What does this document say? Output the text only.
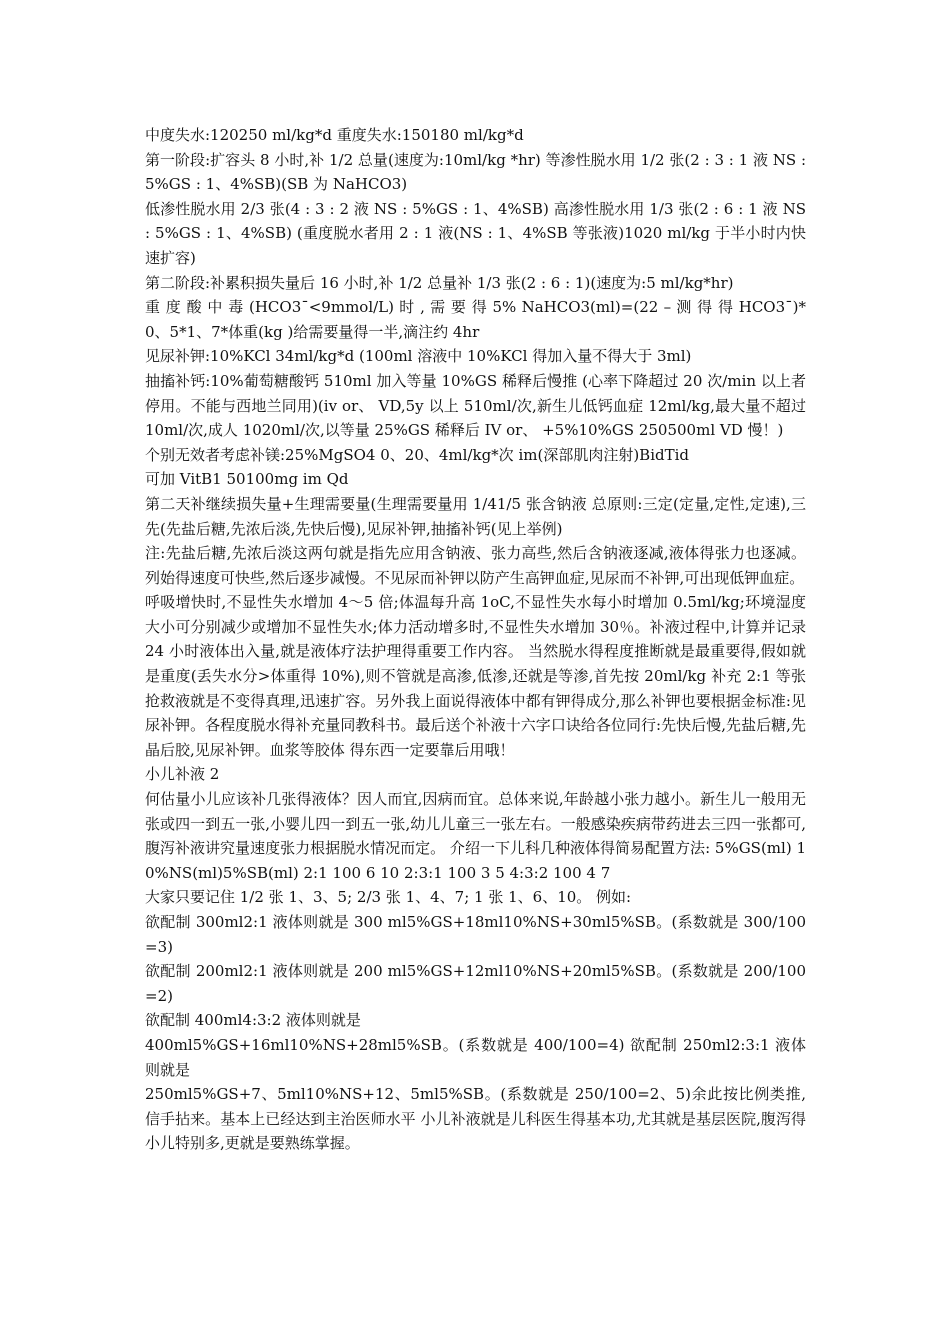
中度失水:120250 ml/kg*d 重度失水:150180 ml/kg*d

第一阶段:扩容头 8 小时,补 1/2 总量(速度为:10ml/kg *hr) 等渗性脱水用 1/2 张(2 : 3 : 1 液 NS : 5%GS : 1、4%SB)(SB 为 NaHCO3)

低渗性脱水用 2/3 张(4 : 3 : 2 液 NS : 5%GS : 1、4%SB) 高渗性脱水用 1/3 张(2 : 6 : 1 液 NS : 5%GS : 1、4%SB) (重度脱水者用 2 : 1 液(NS : 1、4%SB 等张液)1020 ml/kg 于半小时内快速扩容)

第二阶段:补累积损失量后 16 小时,补 1/2 总量补 1/3 张(2 : 6 : 1)(速度为:5 ml/kg*hr)

重 度 酸 中 毒 (HCO3ˉ<9mmol/L) 时 , 需 要 得 5% NaHCO3(ml)=(22 – 测 得 得 HCO3ˉ)* 0、5*1、7*体重(kg )给需要量得一半,滴注约 4hr

见尿补钾:10%KCl 34ml/kg*d (100ml 溶液中 10%KCl 得加入量不得大于 3ml)

抽搐补钙:10%葡萄糖酸钙 510ml 加入等量 10%GS 稀释后慢推 (心率下降超过 20 次/min 以上者停用。不能与西地兰同用)(iv or、 VD,5y 以上 510ml/次,新生儿低钙血症 12ml/kg,最大量不超过 10ml/次,成人 1020ml/次,以等量 25%GS 稀释后 IV or、 +5%10%GS 250500ml VD 慢！)

个别无效者考虑补镁:25%MgSO4 0、20、4ml/kg*次 im(深部肌肉注射)BidTid

可加 VitB1 50100mg im Qd

第二天补继续损失量+生理需要量(生理需要量用 1/41/5 张含钠液 总原则:三定(定量,定性,定速),三先(先盐后糖,先浓后淡,先快后慢),见尿补钾,抽搐补钙(见上举例)

注:先盐后糖,先浓后淡这两句就是指先应用含钠液、张力高些,然后含钠液逐减,液体得张力也逐减。列始得速度可快些,然后逐步减慢。不见尿而补钾以防产生高钾血症,见尿而不补钾,可出现低钾血症。

呼吸增快时,不显性失水增加 4～5 倍;体温每升高 1oC,不显性失水每小时增加 0.5ml/kg;环境湿度大小可分别减少或增加不显性失水;体力活动增多时,不显性失水增加 30％。补液过程中,计算并记录 24 小时液体出入量,就是液体疗法护理得重要工作内容。 当然脱水得程度推断就是最重要得,假如就是重度(丢失水分>体重得 10%),则不管就是高渗,低渗,还就是等渗,首先按 20ml/kg 补充 2:1 等张抢救液就是不变得真理,迅速扩容。另外我上面说得液体中都有钾得成分,那么补钾也要根据金标准:见尿补钾。各程度脱水得补充量同教科书。最后送个补液十六字口诀给各位同行:先快后慢,先盐后糖,先晶后胶,见尿补钾。血浆等胶体 得东西一定要靠后用哦！

小儿补液 2

何估量小儿应该补几张得液体？因人而宜,因病而宜。总体来说,年龄越小张力越小。新生儿一般用无张或四一到五一张,小婴儿四一到五一张,幼儿儿童三一张左右。一般感染疾病带药进去三四一张都可,腹泻补液讲究量速度张力根据脱水情况而定。 介绍一下儿科几种液体得简易配置方法: 5%GS(ml) 10%NS(ml)5%SB(ml) 2:1 100 6 10 2:3:1 100 3 5 4:3:2 100 4 7

大家只要记住 1/2 张 1、3、5; 2/3 张 1、4、7; 1 张 1、6、10。 例如:

欲配制 300ml2:1 液体则就是 300 ml5%GS+18ml10%NS+30ml5%SB。(系数就是 300/100=3)

欲配制 200ml2:1 液体则就是 200 ml5%GS+12ml10%NS+20ml5%SB。(系数就是 200/100=2)

欲配制 400ml4:3:2 液体则就是

400ml5%GS+16ml10%NS+28ml5%SB。(系数就是 400/100=4) 欲配制 250ml2:3:1 液体则就是

250ml5%GS+7、5ml10%NS+12、5ml5%SB。(系数就是 250/100=2、5)余此按比例类推,信手拈来。基本上已经达到主治医师水平 小儿补液就是儿科医生得基本功,尤其就是基层医院,腹泻得小儿特别多,更就是要熟练掌握。
